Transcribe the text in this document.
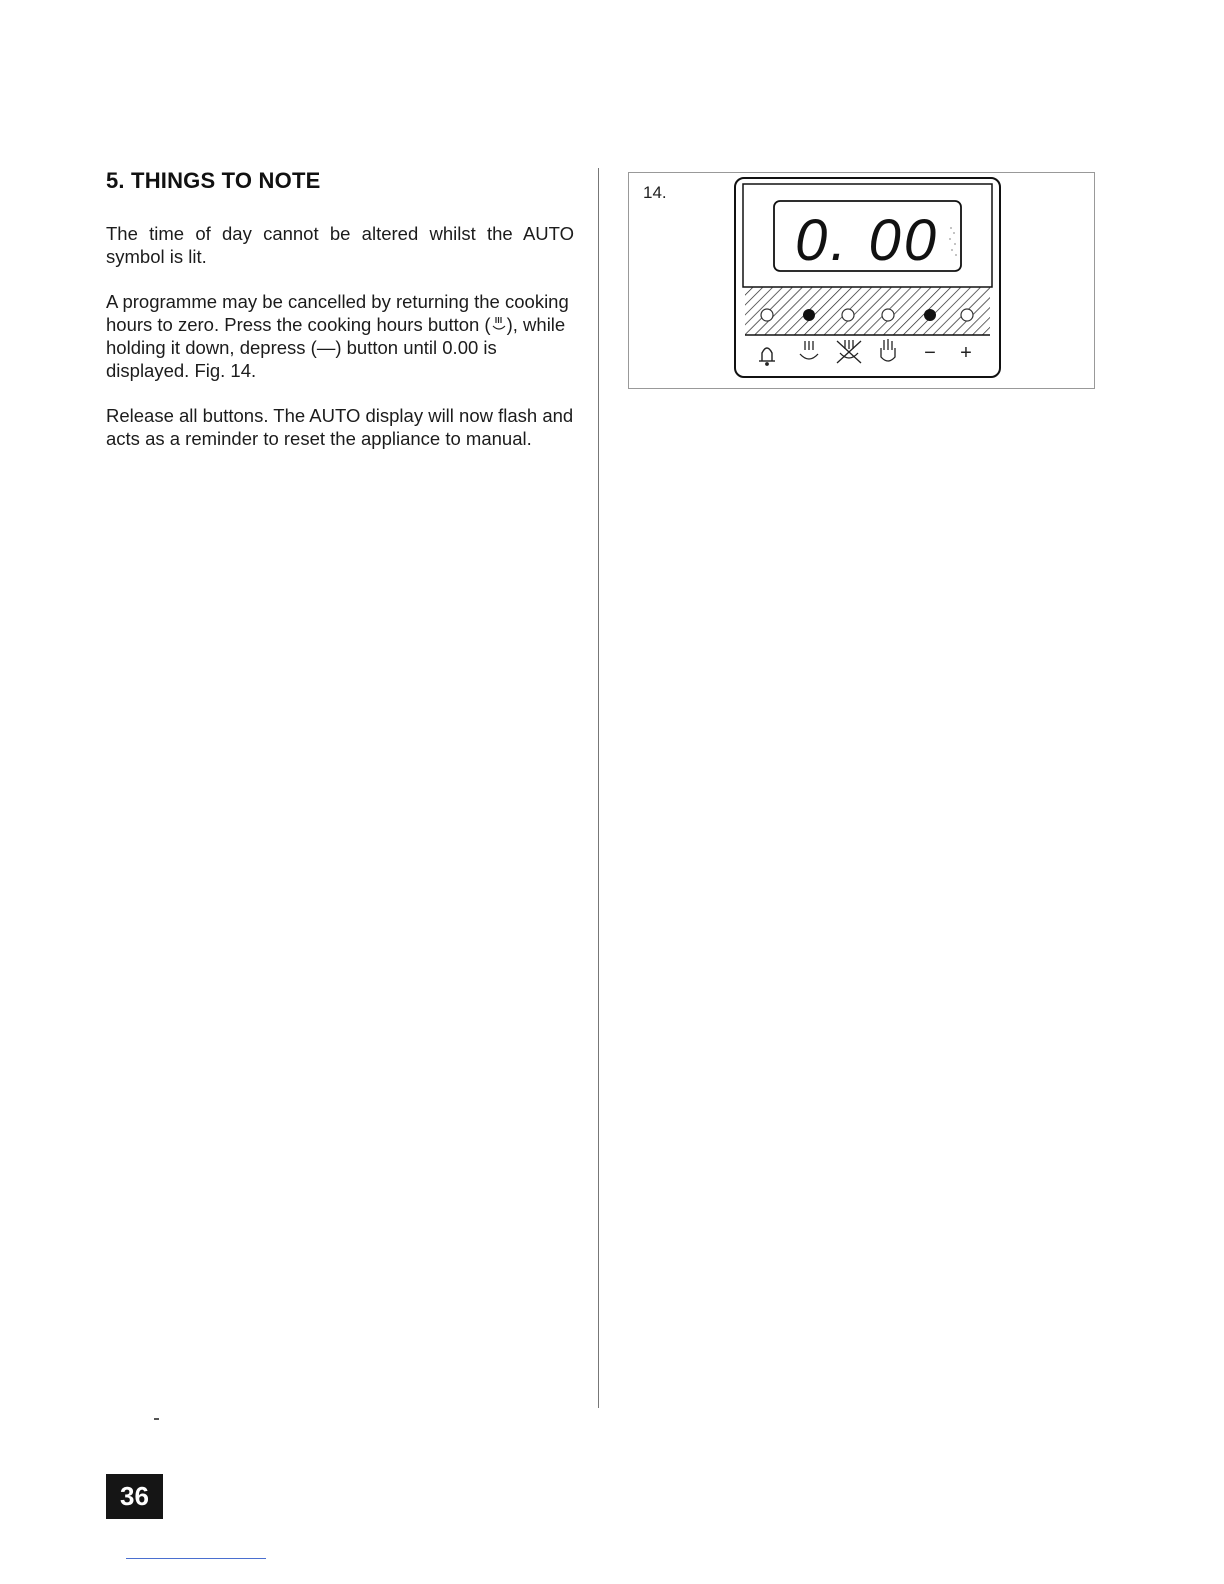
5. THINGS TO NOTE

The time of day cannot be altered whilst the AUTO symbol is lit.

A programme may be cancelled by returning the cooking hours to zero. Press the cooking hours button ( ), while holding it down, depress (—) button until 0.00 is displayed. Fig. 14.

Release all buttons. The AUTO display will now flash and acts as a reminder to reset the appliance to manual.

14.
0. 00
− +
36
